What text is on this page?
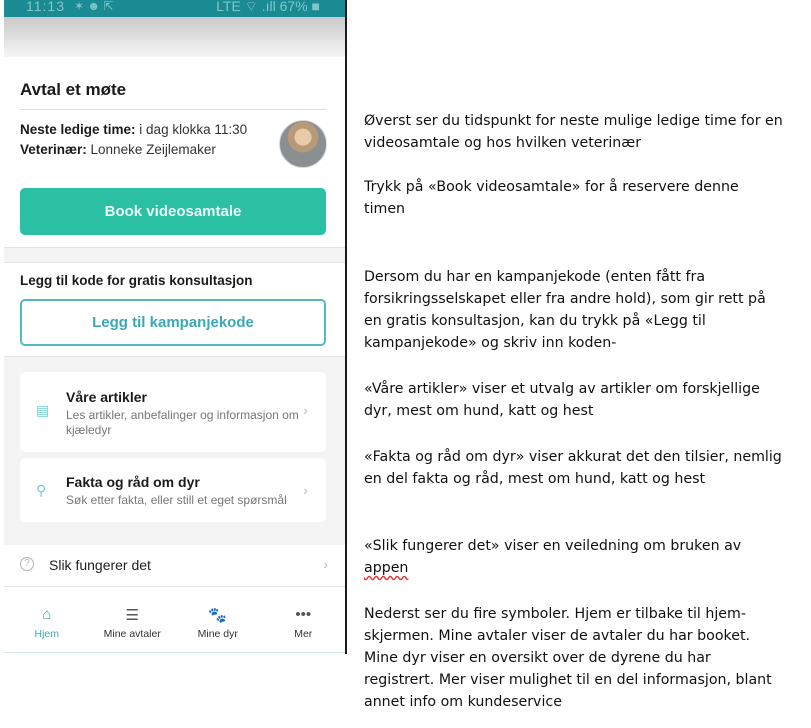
11:13 ✶ ☻ ⇱	LTE ⌔ .ıll 67% ■
Avtal et møte
Neste ledige time: i dag klokka 11:30
Veterinær: Lonneke Zeijlemaker
Book videosamtale
Legg til kode for gratis konsultasjon
Legg til kampanjekode
▤
Våre artikler
Les artikler, anbefalinger og informasjon om kjæledyr
›
⚲ Fakta og råd om dyr
Søk etter fakta, eller still et eget spørsmål
›
?	Slik fungerer det	›
⌂
Hjem
☰
Mine avtaler
🐾
Mine dyr
•••
Mer
Øverst ser du tidspunkt for neste mulige ledige time for en videosamtale og hos hvilken veterinær
Trykk på «Book videosamtale» for å reservere denne timen
Dersom du har en kampanjekode (enten fått fra forsikringsselskapet eller fra andre hold), som gir rett på en gratis konsultasjon, kan du trykk på «Legg til kampanjekode» og skriv inn koden-
«Våre artikler» viser et utvalg av artikler om forskjellige dyr, mest om hund, katt og hest
«Fakta og råd om dyr» viser akkurat det den tilsier, nemlig en del fakta og råd, mest om hund, katt og hest
«Slik fungerer det» viser en veiledning om bruken av appen
Nederst ser du fire symboler. Hjem er tilbake til hjem-skjermen. Mine avtaler viser de avtaler du har booket. Mine dyr viser en oversikt over de dyrene du har registrert. Mer viser mulighet til en del informasjon, blant annet info om kundeservice
